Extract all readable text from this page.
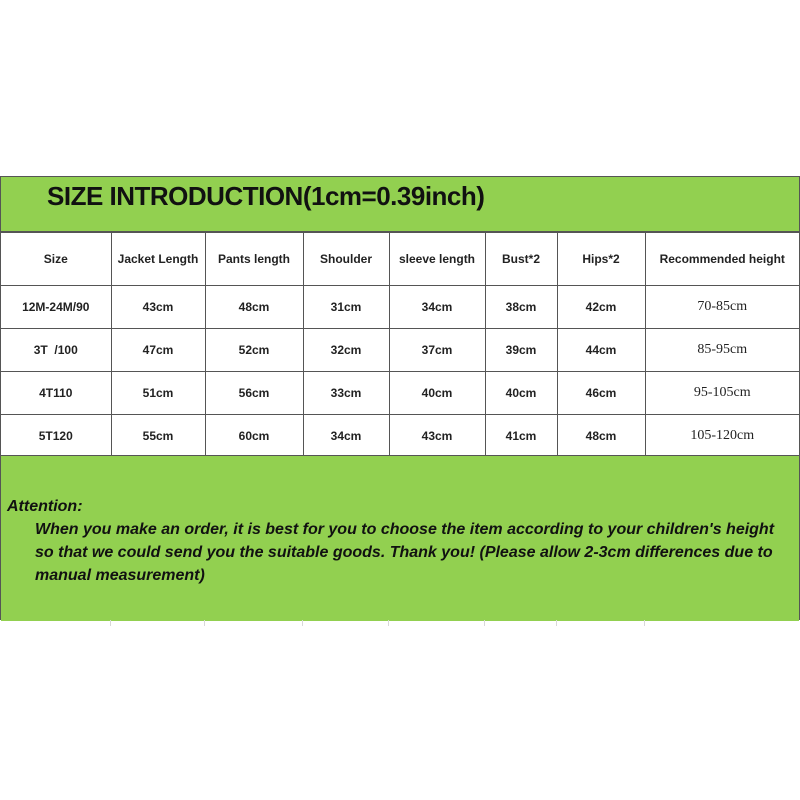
SIZE INTRODUCTION(1cm=0.39inch)
Size	Jacket Length	Pants length	Shoulder	sleeve length	Bust*2	Hips*2	Recommended height
12M-24M/90	43cm	48cm	31cm	34cm	38cm	42cm	70-85cm
3T  /100	47cm	52cm	32cm	37cm	39cm	44cm	85-95cm
4T110	51cm	56cm	33cm	40cm	40cm	46cm	95-105cm
5T120	55cm	60cm	34cm	43cm	41cm	48cm	105-120cm
Attention:
When you make an order, it is best for you to choose the item according to your children's height so that we could send you the suitable goods. Thank you! (Please allow 2-3cm differences due to manual measurement)
